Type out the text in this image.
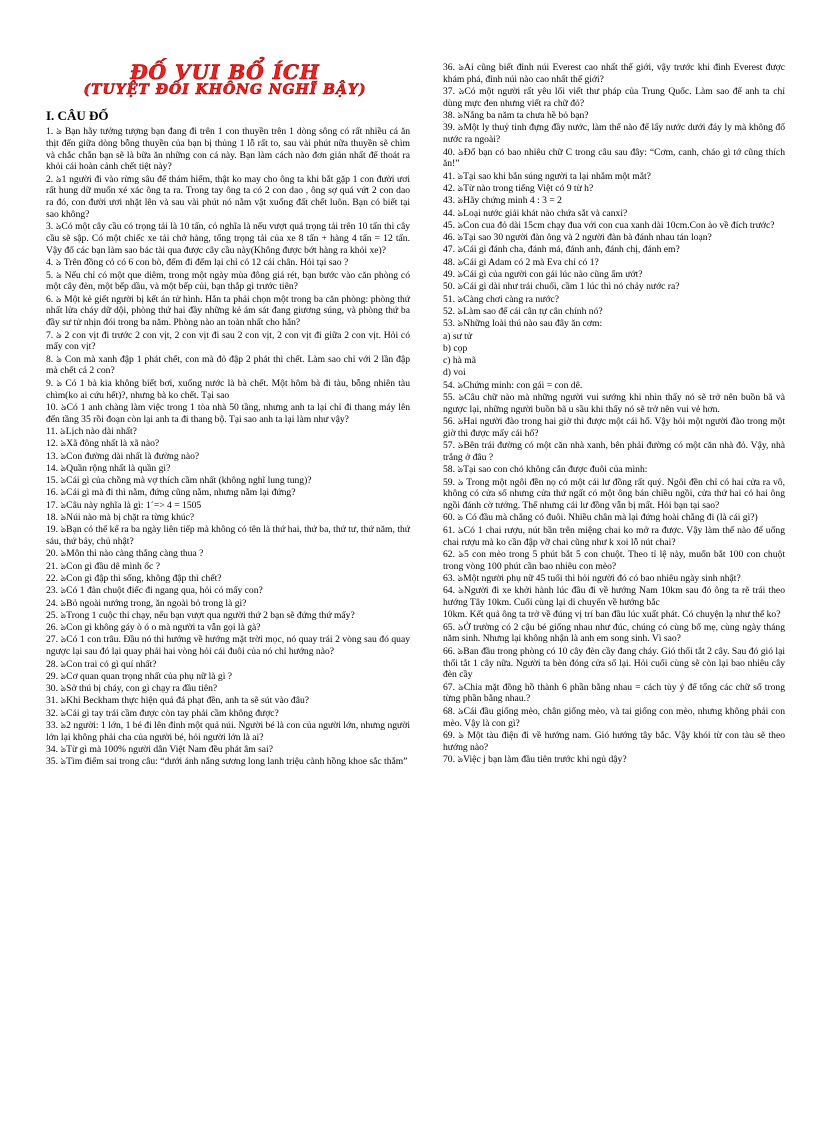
ĐỐ VUI BỔ ÍCH
(TUYỆT ĐỐI KHÔNG NGHĨ BẬY)
I. CÂU ĐỐ

1. ঌ Bạn hãy tưởng tượng bạn đang đi trên 1 con thuyền trên 1 dòng sông có rất nhiều cá ăn thịt đến giữa dòng bỗng thuyền của bạn bị thủng 1 lỗ rất to, sau vài phút nữa thuyền sẽ chìm và chắc chắn bạn sẽ là bữa ăn những con cá này. Bạn làm cách nào đơn giản nhất để thoát ra khỏi cái hoàn cảnh chết tiệt này?

2. ঌ1 người đi vào rừng sâu để thám hiểm, thật ko may cho ông ta khi bắt gặp 1 con đười ươi rất hung dữ muốn xé xác ông ta ra. Trong tay ông ta có 2 con dao , ông sợ quá vứt 2 con dao ra đó, con đười ươi nhặt lên và sau vài phút nó nằm vật xuống đất chết luôn. Bạn có biết tại sao không?

3. ঌCó một cây cầu có trọng tải là 10 tấn, có nghĩa là nếu vượt quá trọng tải trên 10 tấn thì cây cầu sẽ sập. Có một chiếc xe tải chở hàng, tổng trọng tải của xe 8 tấn + hàng 4 tấn = 12 tấn. Vậy đố các bạn làm sao bác tài qua được cây cầu này(Không được bớt hàng ra khỏi xe)?

4. ঌ Trên đồng cỏ có 6 con bò, đếm đi đếm lại chỉ có 12 cái chân. Hỏi tại sao ?

5. ঌ Nếu chỉ có một que diêm, trong một ngày mùa đông giá rét, bạn bước vào căn phòng có một cây đèn, một bếp dầu, và một bếp củi, bạn thắp gì trước tiên?

6. ঌ Một kẻ giết người bị kết án tử hình. Hắn ta phải chọn một trong ba căn phòng: phòng thứ nhất lửa cháy dữ dội, phòng thứ hai đầy những kẻ ám sát đang giương súng, và phòng thứ ba đầy sư tử nhịn đói trong ba năm. Phòng nào an toàn nhất cho hắn?

7. ঌ 2 con vịt đi trước 2 con vịt, 2 con vịt đi sau 2 con vịt, 2 con vịt đi giữa 2 con vịt. Hỏi có mấy con vịt?

8. ঌ Con mà xanh đập 1 phát chết, con mà đỏ đập 2 phát thì chết. Làm sao chỉ với 2 lần đập mà chết cả 2 con?

9. ঌ Có 1 bà kia không biết bơi, xuống nước là bà chết. Một hôm bà đi tàu, bỗng nhiên tàu chìm(ko ai cứu hết)?, nhưng bà ko chết. Tại sao

10. ঌCó 1 anh chàng làm việc trong 1 tòa nhà 50 tầng, nhưng anh ta lại chỉ đi thang máy lên đến tầng 35 rồi đoạn còn lại anh ta đi thang bộ. Tại sao anh ta lại làm như vậy?

11. ঌLịch nào dài nhất?

12. ঌXã đông nhất là xã nào?

13. ঌCon đường dài nhất là đường nào?

14. ঌQuần rộng nhất là quần gì?

15. ঌCái gì của chồng mà vợ thích cầm nhất (không nghĩ lung tung)?

16. ঌCái gì mà đi thì nằm, đứng cũng nằm, nhưng nằm lại đứng?

17. ঌCâu này nghĩa là gì: 1´=> 4 = 1505

18. ঌNúi nào mà bị chặt ra từng khúc?

19. ঌBạn có thể kể ra ba ngày liên tiếp mà không có tên là thứ hai, thứ ba, thứ tư, thứ năm, thứ sáu, thứ bảy, chủ nhật?

20. ঌMôn thi nào càng thắng càng thua ?

21. ঌCon gì đầu dê mình ốc ?

22. ঌCon gì đập thì sống, không đập thì chết?

23. ঌCó 1 đàn chuột điếc đi ngang qua, hỏi có mấy con?

24. ঌBỏ ngoài nướng trong, ăn ngoài bỏ trong là gì?

25. ঌTrong 1 cuộc thi chạy, nếu bạn vượt qua người thứ 2 bạn sẽ đứng thứ mấy?

26. ঌCon gì không gáy ò ó o mà người ta vẫn gọi là gà?

27. ঌCó 1 con trâu. Đầu nó thì hướng về hướng mặt trời mọc, nó quay trái 2 vòng sau đó quay ngược lại sau đó lại quay phải hai vòng hỏi cái đuôi của nó chỉ hướng nào?

28. ঌCon trai có gì quí nhất?

29. ঌCơ quan quan trọng nhất của phụ nữ là gì ?

30. ঌSở thú bị cháy, con gì chạy ra đầu tiên?

31. ঌKhi Beckham thực hiện quả đá phạt đền, anh ta sẽ sút vào đâu?

32. ঌCái gì tay trái cầm được còn tay phải cầm không được?

33. ঌ2 người: 1 lớn, 1 bé đi lên đỉnh một quả núi. Người bé là con của người lớn, nhưng người lớn lại không phải cha của người bé, hỏi người lớn là ai?

34. ঌTừ gì mà 100% người dân Việt Nam đều phát âm sai?

35. ঌTìm điểm sai trong câu: “dưới ánh nắng sương long lanh triệu cành hồng khoe sắc thắm”

36. ঌAi cũng biết đỉnh núi Everest cao nhất thế giới, vậy trước khi đỉnh Everest được khám phá, đỉnh núi nào cao nhất thế giới?

37. ঌCó một người rất yêu lối viết thư pháp của Trung Quốc. Làm sao để anh ta chỉ dùng mực đen nhưng viết ra chữ đỏ?

38. ঌNắng ba năm ta chưa hề bỏ bạn?

39. ঌMột ly thuỷ tinh đựng đầy nước, làm thế nào để lấy nước dưới đáy ly mà không đổ nước ra ngoài?

40. ঌĐố bạn có bao nhiêu chữ C trong câu sau đây: “Cơm, canh, cháo gì tớ cũng thích ăn!”

41. ঌTại sao khi bắn súng người ta lại nhắm một mắt?

42. ঌTừ nào trong tiếng Việt có 9 từ h?

43. ঌHãy chứng minh 4 : 3 = 2

44. ঌLoại nước giải khát nào chứa sắt và canxi?

45. ঌCon cua đỏ dài 15cm chạy đua với con cua xanh dài 10cm.Con ào về đích trước?

46. ঌTại sao 30 người đàn ông và 2 người đàn bà đánh nhau tán loạn?

47. ঌCái gì đánh cha, đánh má, đánh anh, đánh chị, đánh em?

48. ঌCái gì Adam có 2 mà Eva chỉ có 1?

49. ঌCái gì của người con gái lúc nào cũng ẩm ướt?

50. ঌCái gì dài như trái chuối, cầm 1 lúc thì nó chảy nước ra?

51. ঌCàng chơi càng ra nước?

52. ঌLàm sao để cái cân tự cân chính nó?

53. ঌNhững loài thú nào sau đây ăn cơm:

a) sư tử

b) cọp

c) hà mã

d) voi

54. ঌChứng minh: con gái = con dê.

55. ঌCâu chữ nào mà những người vui sướng khi nhìn thấy nó sẽ trở nên buồn bã và ngược lại, những người buồn bã u sầu khi thấy nó sẽ trở nên vui vẻ hơn.

56. ঌHai người đào trong hai giờ thì được một cái hố. Vậy hỏi một người đào trong một giờ thì được mấy cái hố?

57. ঌBên trái đường có một căn nhà xanh, bên phải đường có một căn nhà đỏ. Vậy, nhà trắng ở đâu ?

58. ঌTại sao con chó không cắn được đuôi của mình:

59. ঌ Trong một ngôi đền nọ có một cái lư đồng rất quý. Ngôi đền chỉ có hai cửa ra vô, không có cửa sổ nhưng cửa thứ ngất có một ông bán chiều ngồi, cửa thứ hai có hai ông ngồi đánh cờ tướng. Thế nhưng cái lư đồng vẫn bị mất. Hỏi bạn tại sao?

60. ঌ Có đầu mà chẳng có đuôi. Nhiều chân mà lại đứng hoài chẳng đi (là cái gì?)

61. ঌCó 1 chai rượu, nút bần trên miệng chai ko mở ra được. Vậy làm thế nào để uống chai rượu mà ko cần đập vỡ chai cũng như k xoi lỗ nút chai?

62. ঌ5 con mèo trong 5 phút bắt 5 con chuột. Theo tỉ lệ này, muốn bắt 100 con chuột trong vòng 100 phút cần bao nhiêu con mèo?

63. ঌMột người phụ nữ 45 tuổi thì hỏi người đó có bao nhiêu ngày sinh nhật?

64. ঌNgười đi xe khởi hành lúc đầu đi về hướng Nam 10km sau đó ông ta rẽ trái theo hướng Tây 10km. Cuối cùng lại di chuyển về hướng bắc

10km. Kết quả ông ta trở về đúng vị trí ban đầu lúc xuất phát. Có chuyện lạ như thế ko?

65. ঌỞ trường có 2 cậu bé giống nhau như đúc, chúng có cùng bố mẹ, cùng ngày tháng năm sinh. Nhưng lại không nhận là anh em song sinh. Vì sao?

66. ঌBan đầu trong phòng có 10 cây đèn cầy đang cháy. Gió thổi tắt 2 cây. Sau đó gió lại thổi tắt 1 cây nữa. Người ta bèn đóng cửa sổ lại. Hỏi cuối cùng sẽ còn lại bao nhiêu cây đèn cầy

67. ঌChia mặt đồng hồ thành 6 phần bằng nhau = cách tùy ý để tổng các chữ số trong từng phần bằng nhau.?

68. ঌCái đầu giống mèo, chân giống mèo, và tai giống con mèo, nhưng không phải con mèo. Vậy là con gì?

69. ঌ Một tàu điện đi về hướng nam. Gió hướng tây bắc. Vậy khói từ con tàu sẽ theo hướng nào?

70. ঌViệc j bạn làm đầu tiên trước khi ngủ dậy?
